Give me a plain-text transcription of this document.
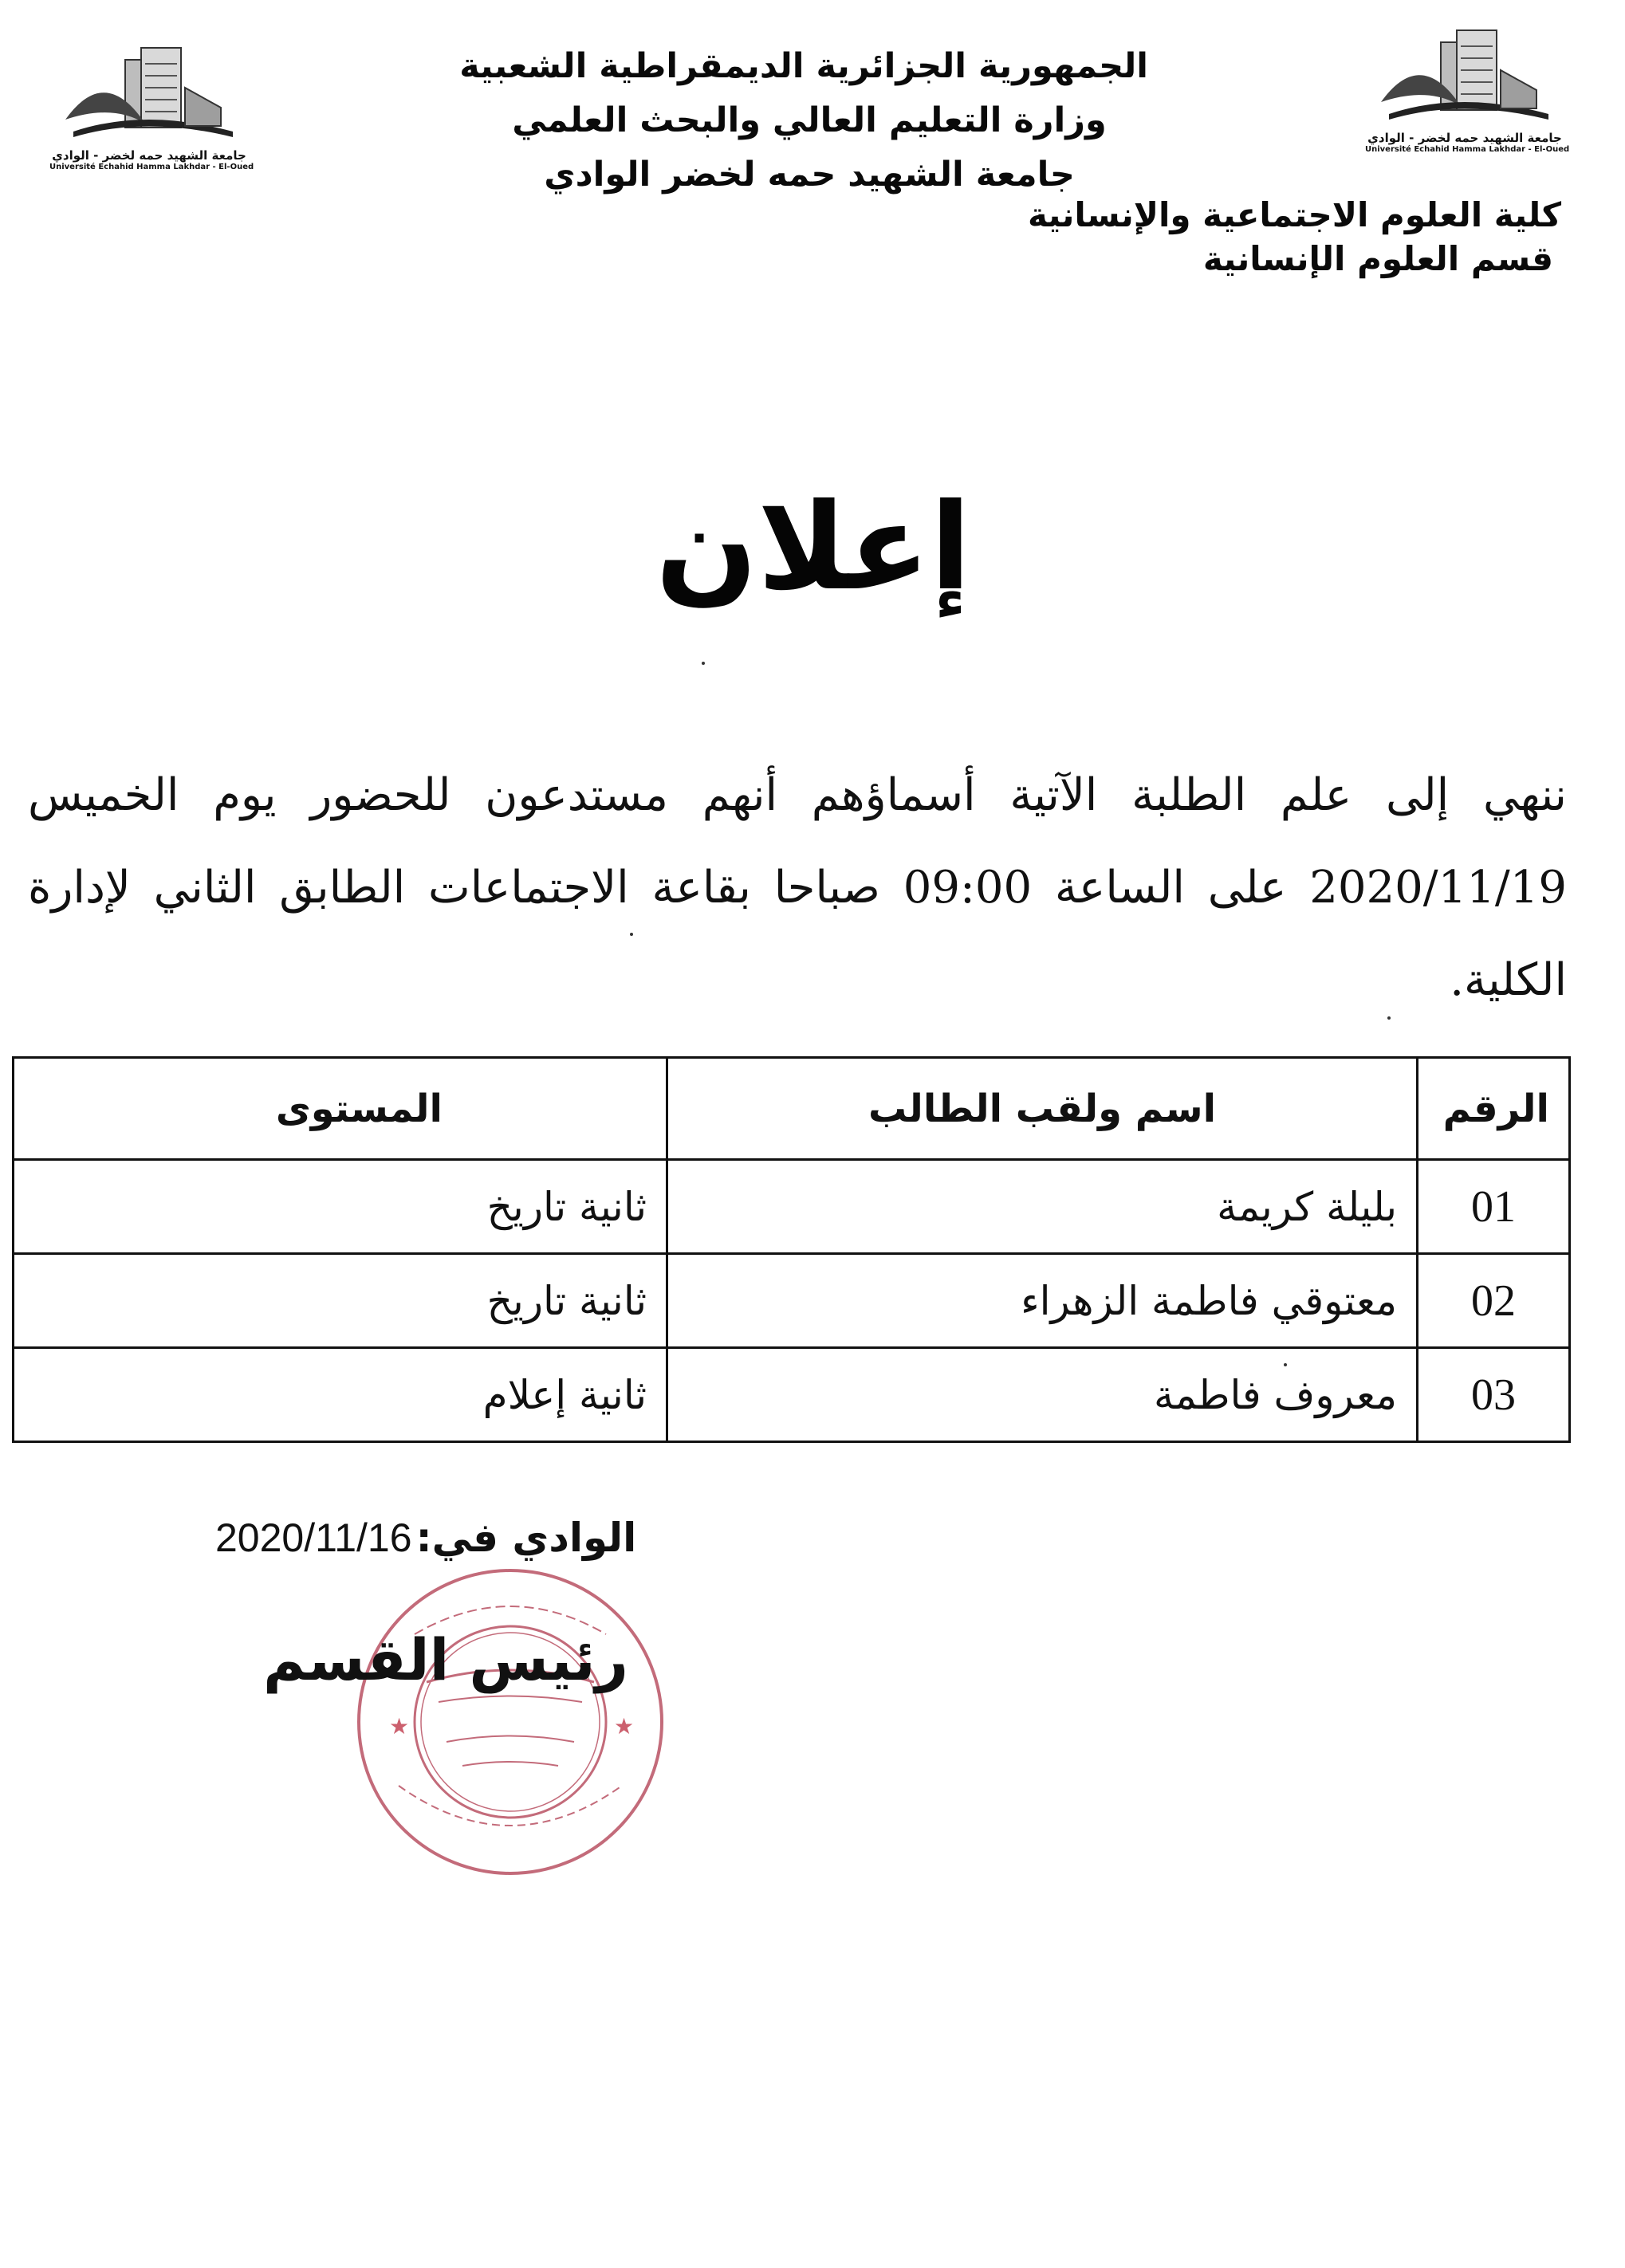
جامعة الشهيد حمه لخضر - الوادي
Université Echahid Hamma Lakhdar - El-Oued
جامعة الشهيد حمه لخضر - الوادي
Université Echahid Hamma Lakhdar - El-Oued
الجمهورية الجزائرية الديمقراطية الشعبية
وزارة التعليم العالي والبحث العلمي
جامعة الشهيد حمه لخضر الوادي
كلية العلوم الاجتماعية والإنسانية
قسم العلوم الإنسانية
إعلان
ننهي إلى علم الطلبة الآتية أسماؤهم أنهم مستدعون للحضور يوم الخميس 2020/11/19 على الساعة 09:00 صباحا بقاعة الاجتماعات الطابق الثاني لإدارة الكلية.
الرقم	اسم ولقب الطالب	المستوى
01	بليلة كريمة	ثانية تاريخ
02	معتوقي فاطمة الزهراء	ثانية تاريخ
03	معروف فاطمة	ثانية إعلام
الوادي في: 2020/11/16
★	★
رئيس القسم
